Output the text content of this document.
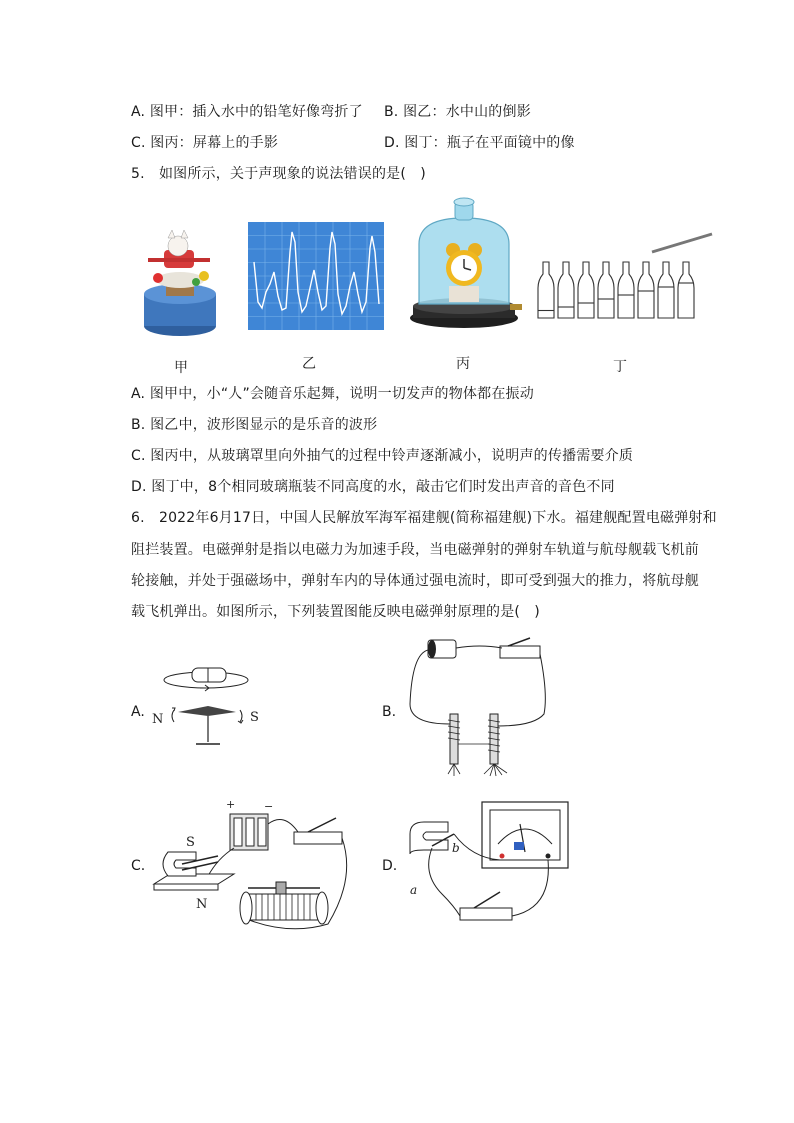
A. 图甲：插入水中的铅笔好像弯折了 B. 图乙：水中山的倒影
C. 图丙：屏幕上的手影	D. 图丁：瓶子在平面镜中的像
5.　如图所示，关于声现象的说法错误的是(　)
甲	乙	丙	丁
A. 图甲中，小“人”会随音乐起舞，说明一切发声的物体都在振动
B. 图乙中，波形图显示的是乐音的波形
C. 图丙中，从玻璃罩里向外抽气的过程中铃声逐渐减小，说明声的传播需要介质
D. 图丁中，8个相同玻璃瓶装不同高度的水，敲击它们时发出声音的音色不同
6.　2022年6月17日，中国人民解放军海军福建舰(简称福建舰)下水。福建舰配置电磁弹射和
阻拦装置。电磁弹射是指以电磁力为加速手段，当电磁弹射的弹射车轨道与航母舰载飞机前
轮接触，并处于强磁场中，弹射车内的导体通过强电流时，即可受到强大的推力，将航母舰
载飞机弹出。如图所示，下列装置图能反映电磁弹射原理的是(　)
A. N	S	B.
C.
+	−
S
N
D.
b
a
